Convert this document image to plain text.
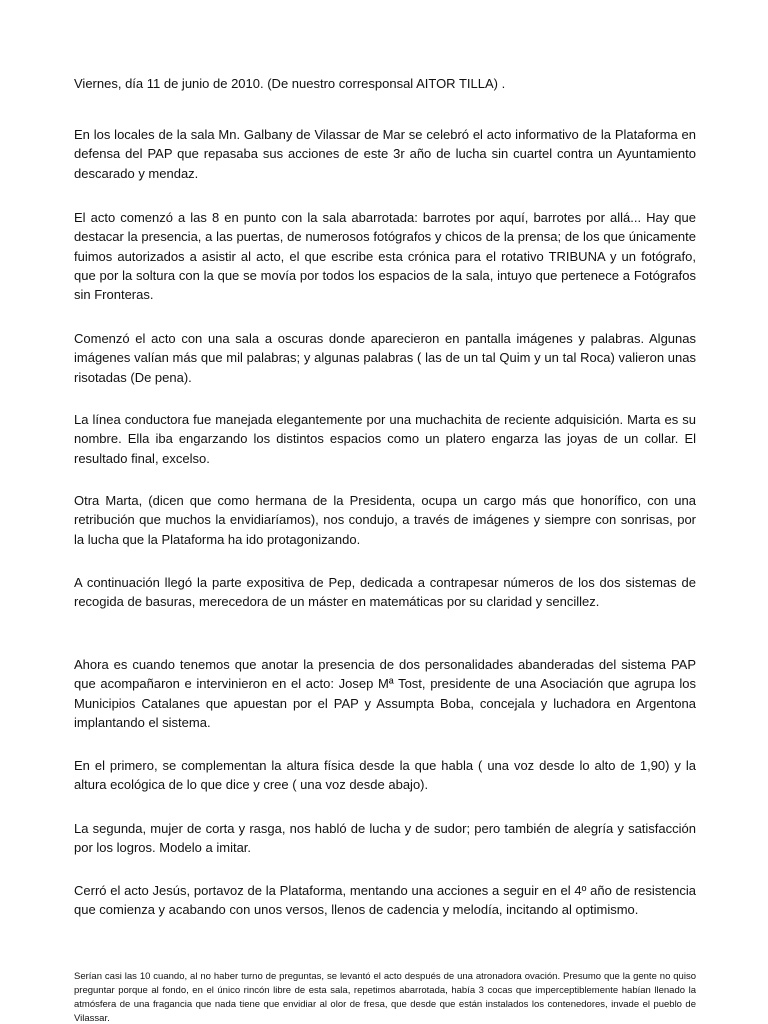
Viernes, día 11 de junio de 2010. (De nuestro corresponsal AITOR TILLA) .

En los locales de la sala Mn. Galbany de Vilassar de Mar se celebró el acto informativo de la Plataforma en defensa del PAP que repasaba sus acciones de este 3r año de lucha sin cuartel contra un Ayuntamiento descarado y mendaz.

El acto comenzó a las 8 en punto con la sala abarrotada: barrotes por aquí, barrotes por allá... Hay que destacar la presencia, a las puertas, de numerosos fotógrafos y chicos de la prensa; de los que únicamente fuimos autorizados a asistir al acto, el que escribe esta crónica para el rotativo TRIBUNA y un fotógrafo, que por la soltura con la que se movía por todos los espacios de la sala, intuyo que pertenece a Fotógrafos sin Fronteras.

Comenzó el acto con una sala a oscuras donde aparecieron en pantalla imágenes y palabras. Algunas imágenes valían más que mil palabras; y algunas palabras ( las de un tal Quim y un tal Roca) valieron unas risotadas (De pena).

La línea conductora fue manejada elegantemente por una muchachita de reciente adquisición. Marta es su nombre. Ella iba engarzando los distintos espacios como un platero engarza las joyas de un collar. El resultado final, excelso.

Otra Marta, (dicen que como hermana de la Presidenta, ocupa un cargo más que honorífico, con una retribución que muchos la envidiaríamos), nos condujo, a través de imágenes y siempre con sonrisas, por la lucha que la Plataforma ha ido protagonizando.

A continuación llegó la parte expositiva de Pep, dedicada a contrapesar números de los dos sistemas de recogida de basuras, merecedora de un máster en matemáticas por su claridad y sencillez.

Ahora es cuando tenemos que anotar la presencia de dos personalidades abanderadas del sistema PAP que acompañaron e intervinieron en el acto: Josep Mª Tost, presidente de una Asociación que agrupa los Municipios Catalanes que apuestan por el PAP y Assumpta Boba, concejala y luchadora en Argentona implantando el sistema.

En el primero, se complementan la altura física desde la que habla ( una voz desde lo alto de 1,90) y la altura ecológica de lo que dice y cree ( una voz desde abajo).

La segunda, mujer de corta y rasga, nos habló de lucha y de sudor; pero también de alegría y satisfacción por los logros. Modelo a imitar.

Cerró el acto Jesús, portavoz de la Plataforma, mentando una acciones a seguir en el 4º año de resistencia que comienza y acabando con unos versos, llenos de cadencia y melodía, incitando al optimismo.

Serían casi las 10 cuando, al no haber turno de preguntas, se levantó el acto después de una atronadora ovación. Presumo que la gente no quiso preguntar porque al fondo, en el único rincón libre de esta sala, repetimos abarrotada, había 3 cocas que imperceptiblemente habían llenado la atmósfera de una fragancia que nada tiene que envidiar al olor de fresa, que desde que están instalados los contenedores, invade el pueblo de Vilassar.
